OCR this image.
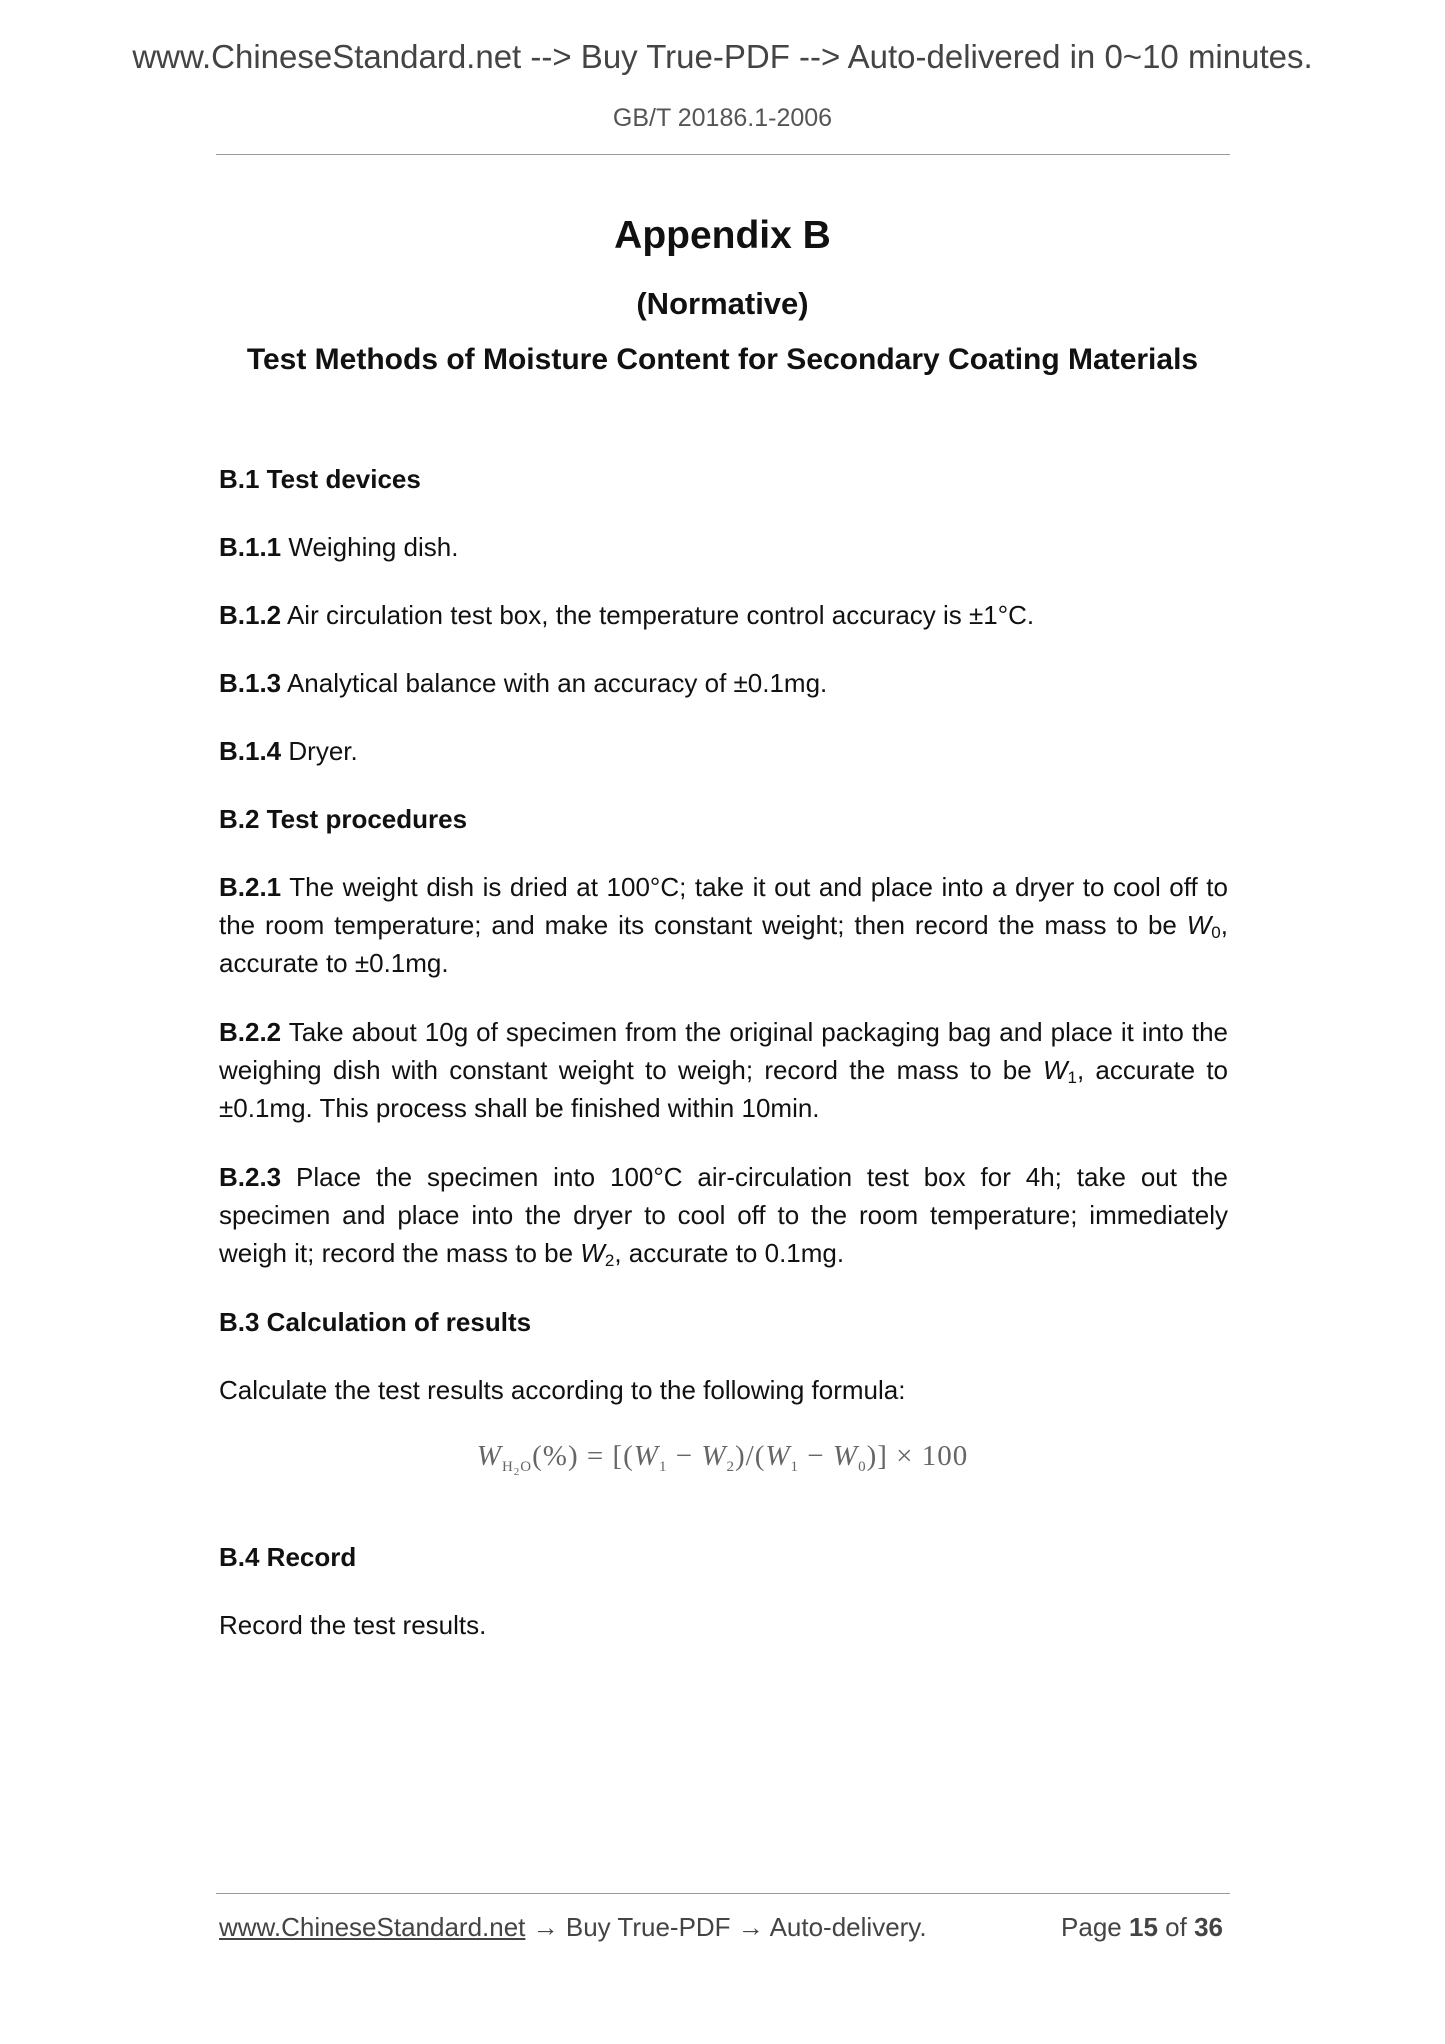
www.ChineseStandard.net --> Buy True-PDF --> Auto-delivered in 0~10 minutes.
GB/T 20186.1-2006
Appendix B
(Normative)
Test Methods of Moisture Content for Secondary Coating Materials
B.1 Test devices
B.1.1 Weighing dish.
B.1.2 Air circulation test box, the temperature control accuracy is ±1°C.
B.1.3 Analytical balance with an accuracy of ±0.1mg.
B.1.4 Dryer.
B.2 Test procedures
B.2.1 The weight dish is dried at 100°C; take it out and place into a dryer to cool off to the room temperature; and make its constant weight; then record the mass to be $W_0$, accurate to ±0.1mg.
B.2.2 Take about 10g of specimen from the original packaging bag and place it into the weighing dish with constant weight to weigh; record the mass to be $W_1$, accurate to ±0.1mg. This process shall be finished within 10min.
B.2.3 Place the specimen into 100°C air-circulation test box for 4h; take out the specimen and place into the dryer to cool off to the room temperature; immediately weigh it; record the mass to be $W_2$, accurate to 0.1mg.
B.3 Calculation of results
Calculate the test results according to the following formula:
$W_{H_2O}(\%) = [(W_1 - W_2)/(W_1 - W_0)] \times 100$
B.4 Record
Record the test results.
www.ChineseStandard.net → Buy True-PDF → Auto-delivery.	Page 15 of 36
